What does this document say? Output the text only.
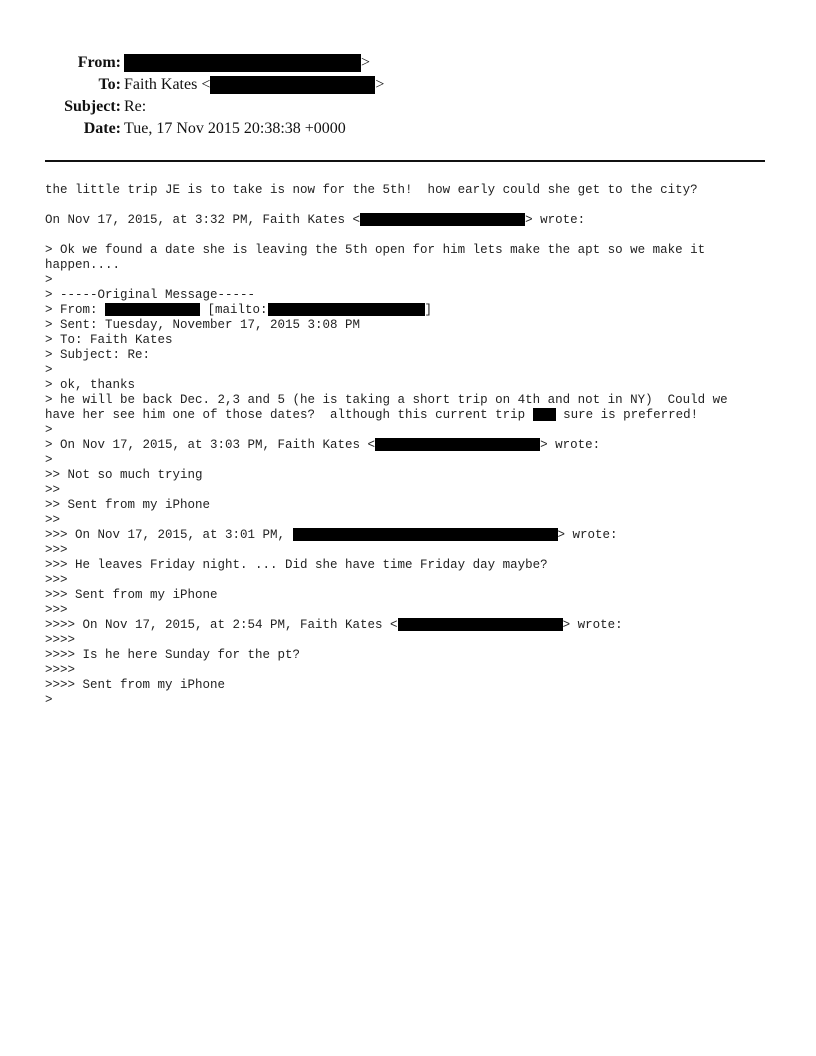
From:	>
To: Faith Kates <	>
Subject: Re:
Date: Tue, 17 Nov 2015 20:38:38 +0000
the little trip JE is to take is now for the 5th!  how early could she get to the city?
On Nov 17, 2015, at 3:32 PM, Faith Kates <	> wrote:
> Ok we found a date she is leaving the 5th open for him lets make the apt so we make it
happen....
>
> -----Original Message-----
> From:	[mailto:	]
> Sent: Tuesday, November 17, 2015 3:08 PM
> To: Faith Kates
> Subject: Re:
>
> ok, thanks
> he will be back Dec. 2,3 and 5 (he is taking a short trip on 4th and not in NY)  Could we
have her see him one of those dates?  although this current trip  sure is preferred!
>
> On Nov 17, 2015, at 3:03 PM, Faith Kates <	> wrote:
>
>> Not so much trying
>>
>> Sent from my iPhone
>>
>>> On Nov 17, 2015, at 3:01 PM,	> wrote:
>>>
>>> He leaves Friday night. ... Did she have time Friday day maybe?
>>>
>>> Sent from my iPhone
>>>
>>>> On Nov 17, 2015, at 2:54 PM, Faith Kates <	> wrote:
>>>>
>>>> Is he here Sunday for the pt?
>>>>
>>>> Sent from my iPhone
>
